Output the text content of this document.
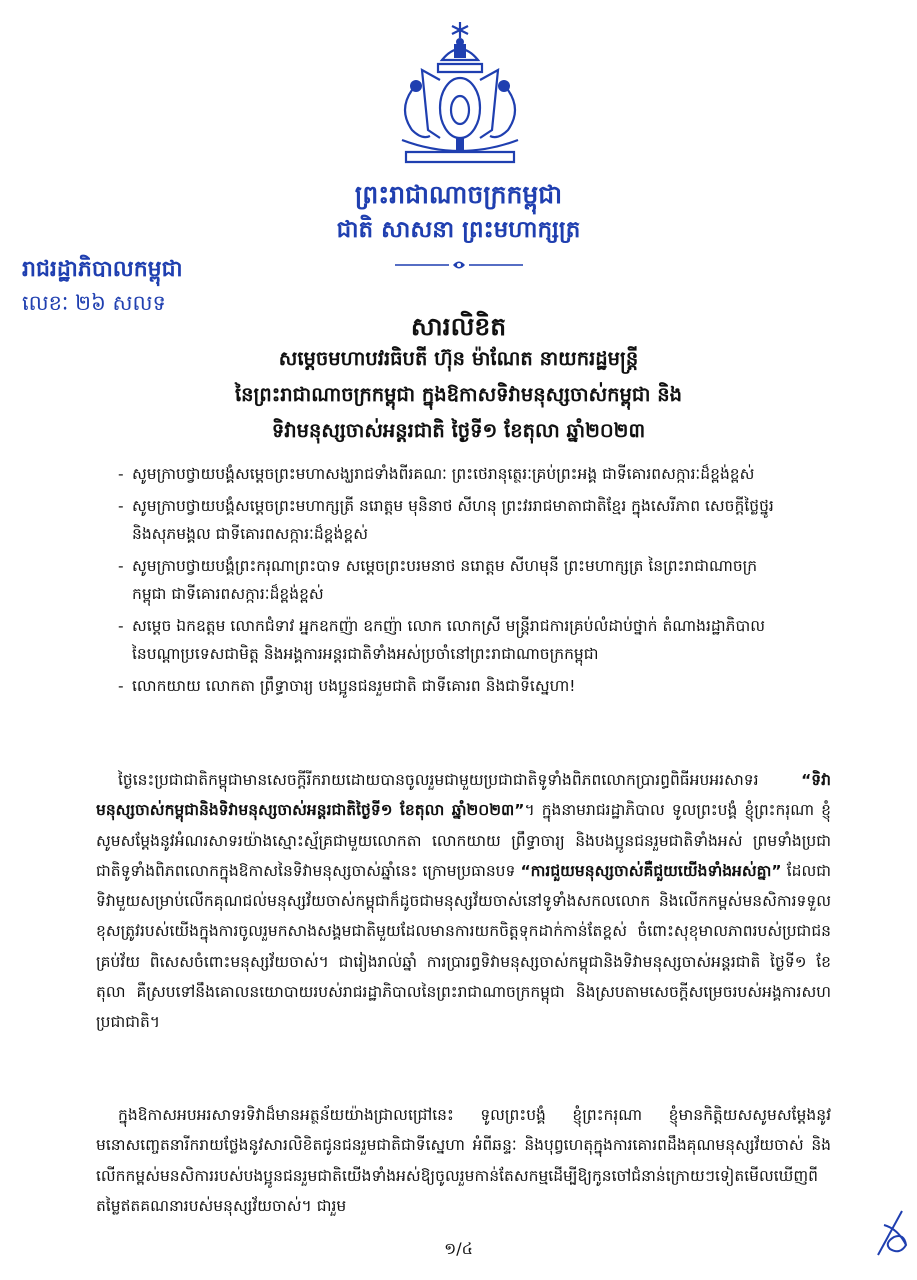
ព្រះរាជាណាចក្រកម្ពុជា
ជាតិ សាសនា ព្រះមហាក្សត្រ
រាជរដ្ឋាភិបាលកម្ពុជា
លេខៈ ២៦ សលទ
សារលិខិត
សម្តេចមហាបវរធិបតី ហ៊ុន ម៉ាណែត នាយករដ្ឋមន្ត្រី
នៃព្រះរាជាណាចក្រកម្ពុជា ក្នុងឱកាសទិវាមនុស្សចាស់កម្ពុជា និង
ទិវាមនុស្សចាស់អន្តរជាតិ ថ្ងៃទី១ ខែតុលា ឆ្នាំ២០២៣
- សូមក្រាបថ្វាយបង្គំសម្តេចព្រះមហាសង្ឃរាជទាំងពីរគណៈ ព្រះថេរានុត្ថេរៈគ្រប់ព្រះអង្គ ជាទីគោរពសក្ការៈដ៏ខ្ពង់ខ្ពស់
- សូមក្រាបថ្វាយបង្គំសម្តេចព្រះមហាក្សត្រី នរោត្តម មុនិនាថ សីហនុ ព្រះវររាជមាតាជាតិខ្មែរ ក្នុងសេរីភាព សេចក្តីថ្លៃថ្នូរ និងសុភមង្គល ជាទីគោរពសក្ការៈដ៏ខ្ពង់ខ្ពស់
- សូមក្រាបថ្វាយបង្គំព្រះករុណាព្រះបាទ សម្តេចព្រះបរមនាថ នរោត្តម សីហមុនី ព្រះមហាក្សត្រ នៃព្រះរាជាណាចក្រកម្ពុជា ជាទីគោរពសក្ការៈដ៏ខ្ពង់ខ្ពស់
- សម្តេច ឯកឧត្តម លោកជំទាវ អ្នកឧកញ៉ា ឧកញ៉ា លោក លោកស្រី មន្ត្រីរាជការគ្រប់លំដាប់ថ្នាក់ តំណាងរដ្ឋាភិបាល នៃបណ្តាប្រទេសជាមិត្ត និងអង្គការអន្តរជាតិទាំងអស់ប្រចាំនៅព្រះរាជាណាចក្រកម្ពុជា
- លោកយាយ លោកតា ព្រឹទ្ធាចារ្យ បងប្អូនជនរួមជាតិ ជាទីគោរព និងជាទីស្នេហា!

ថ្ងៃនេះប្រជាជាតិកម្ពុជាមានសេចក្តីរីករាយដោយបានចូលរួមជាមួយប្រជាជាតិទូទាំងពិភពលោកប្រារព្ធពិធីអបអរសាទរ “ទិវាមនុស្សចាស់កម្ពុជានិងទិវាមនុស្សចាស់អន្តរជាតិថ្ងៃទី១ ខែតុលា ឆ្នាំ២០២៣”។ ក្នុងនាមរាជរដ្ឋាភិបាល ទូលព្រះបង្គំ ខ្ញុំព្រះករុណា ខ្ញុំសូមសម្តែងនូវអំណរសាទរយ៉ាងស្មោះស្ម័គ្រជាមួយលោកតា លោកយាយ ព្រឹទ្ធាចារ្យ និងបងប្អូនជនរួមជាតិទាំងអស់ ព្រមទាំងប្រជាជាតិទូទាំងពិភពលោកក្នុងឱកាសនៃទិវាមនុស្សចាស់ឆ្នាំនេះ ក្រោមប្រធានបទ “ការជួយមនុស្សចាស់គឺជួយយើងទាំងអស់គ្នា” ដែលជាទិវាមួយសម្រាប់លើកគុណជល់មនុស្សវ័យចាស់កម្ពុជាក៏ដូចជាមនុស្សវ័យចាស់នៅទូទាំងសកលលោក និងលើកកម្ពស់មនសិការទទួលខុសត្រូវរបស់យើងក្នុងការចូលរួមកសាងសង្គមជាតិមួយដែលមានការយកចិត្តទុកដាក់កាន់តែខ្ពស់ ចំពោះសុខុមាលភាពរបស់ប្រជាជនគ្រប់វ័យ ពិសេសចំពោះមនុស្សវ័យចាស់។ ជារៀងរាល់ឆ្នាំ ការប្រារព្ធទិវាមនុស្សចាស់កម្ពុជានិងទិវាមនុស្សចាស់អន្តរជាតិ ថ្ងៃទី១ ខែតុលា គឺស្របទៅនឹងគោលនយោបាយរបស់រាជរដ្ឋាភិបាលនៃព្រះរាជាណាចក្រកម្ពុជា និងស្របតាមសេចក្តីសម្រេចរបស់អង្គការសហប្រជាជាតិ។

ក្នុងឱកាសអបអរសាទរទិវាដ៏មានអត្ថន័យយ៉ាងជ្រាលជ្រៅនេះ ទូលព្រះបង្គំ ខ្ញុំព្រះករុណា ខ្ញុំមានកិត្តិយសសូមសម្តែងនូវមនោសញ្ចេតនារីករាយថ្លែងនូវសារលិខិតជូនជនរួមជាតិជាទីស្នេហា អំពីឆន្ទៈ និងបុព្វហេតុក្នុងការគោរពដឹងគុណមនុស្សវ័យចាស់ និងលើកកម្ពស់មនសិការរបស់បងប្អូនជនរួមជាតិយើងទាំងអស់ឱ្យចូលរួមកាន់តែសកម្មដើម្បីឱ្យកូនចៅជំនាន់ក្រោយៗទៀតមើលឃើញពីតម្លៃឥតគណនារបស់មនុស្សវ័យចាស់។ ជារួម

១/៤
